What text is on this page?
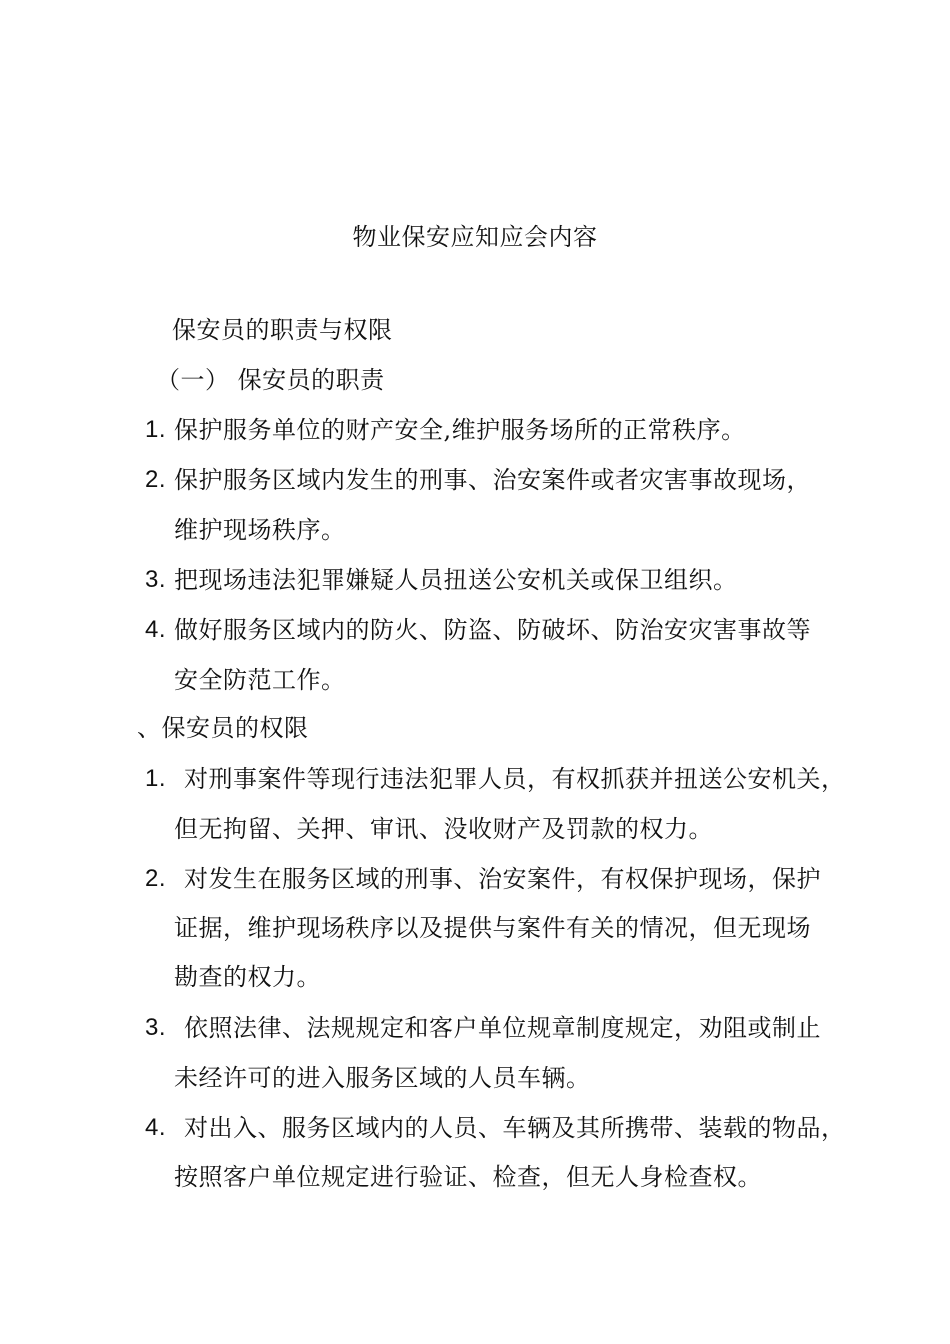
物业保安应知应会内容
保安员的职责与权限
（一） 保安员的职责
1. 保护服务单位的财产安全,维护服务场所的正常秩序。
2. 保护服务区域内发生的刑事、治安案件或者灾害事故现场，
维护现场秩序。
3. 把现场违法犯罪嫌疑人员扭送公安机关或保卫组织。
4. 做好服务区域内的防火、防盗、防破坏、防治安灾害事故等
安全防范工作。
、保安员的权限
1. 对刑事案件等现行违法犯罪人员，有权抓获并扭送公安机关，
但无拘留、关押、审讯、没收财产及罚款的权力。
2. 对发生在服务区域的刑事、治安案件，有权保护现场，保护
证据，维护现场秩序以及提供与案件有关的情况，但无现场
勘查的权力。
3. 依照法律、法规规定和客户单位规章制度规定，劝阻或制止
未经许可的进入服务区域的人员车辆。
4. 对出入、服务区域内的人员、车辆及其所携带、装载的物品，
按照客户单位规定进行验证、检查，但无人身检查权。
